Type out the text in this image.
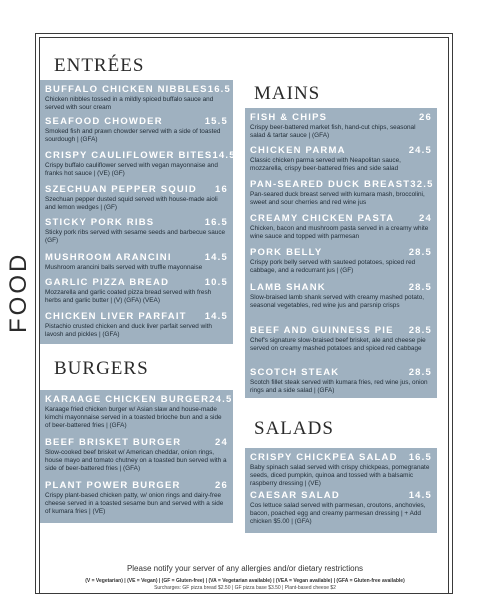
FOOD
ENTRÉES
BUFFALO CHICKEN NIBBLES 16.5
Chicken nibbles tossed in a mildly spiced buffalo sauce and served with sour cream
SEAFOOD CHOWDER	15.5
Smoked fish and prawn chowder served with a side of toasted sourdough | (GFA)
CRISPY CAULIFLOWER BITES 14.5
Crispy buffalo cauliflower served with vegan mayonnaise and franks hot sauce | (VE) (GF)
SZECHUAN PEPPER SQUID 16
Szechuan pepper dusted squid served with house-made aioli and lemon wedges | (GF)
STICKY PORK RIBS	16.5
Sticky pork ribs served with sesame seeds and barbecue sauce (GF)
MUSHROOM ARANCINI	14.5
Mushroom arancini balls served with truffle mayonnaise
GARLIC PIZZA BREAD	10.5
Mozzarella and garlic coated pizza bread served with fresh herbs and garlic butter | (V) (GFA) (VEA)
CHICKEN LIVER PARFAIT 14.5
Pistachio crusted chicken and duck liver parfait served with lavosh and pickles | (GFA)
BURGERS
KARAAGE CHICKEN BURGER 24.5
Karaage fried chicken burger w/ Asian slaw and house-made kimchi mayonnaise served in a toasted brioche bun and a side of beer-battered fries | (GFA)
BEEF BRISKET BURGER	24
Slow-cooked beef brisket w/ American cheddar, onion rings, house mayo and tomato chutney on a toasted bun served with a side of beer-battered fries | (GFA)
PLANT POWER BURGER	26
Crispy plant-based chicken patty, w/ onion rings and dairy-free cheese served in a toasted sesame bun and served with a side of kumara fries | (VE)
MAINS
FISH & CHIPS	26
Crispy beer-battered market fish, hand-cut chips, seasonal salad & tartar sauce | (GFA)
CHICKEN PARMA	24.5
Classic chicken parma served with Neapolitan sauce, mozzarella, crispy beer-battered fries and side salad
PAN-SEARED DUCK BREAST 32.5
Pan-seared duck breast served with kumara mash, broccolini, sweet and sour cherries and red wine jus
CREAMY CHICKEN PASTA	24
Chicken, bacon and mushroom pasta served in a creamy white wine sauce and topped with parmesan
PORK BELLY	28.5
Crispy pork belly served with sauteed potatoes, spiced red cabbage, and a redcurrant jus | (GF)
LAMB SHANK	28.5
Slow-braised lamb shank served with creamy mashed potato, seasonal vegetables, red wine jus and parsnip crisps
BEEF AND GUINNESS PIE 28.5
Chef's signature slow-braised beef brisket, ale and cheese pie served on creamy mashed potatoes and spiced red cabbage
SCOTCH STEAK	28.5
Scotch fillet steak served with kumara fries, red wine jus, onion rings and a side salad | (GFA)
SALADS
CRISPY CHICKPEA SALAD 16.5
Baby spinach salad served with crispy chickpeas, pomegranate seeds, diced pumpkin, quinoa and tossed with a balsamic raspberry dressing | (VE)
CAESAR SALAD	14.5
Cos lettuce salad served with parmesan, croutons, anchovies, bacon, poached egg and creamy parmesan dressing | + Add chicken $5.00 | (GFA)
Please notify your server of any allergies and/or dietary restrictions
(V = Vegetarian) | (VE = Vegan) | (GF = Gluten-free) | (VA = Vegetarian available) | (VEA = Vegan available) | (GFA = Gluten-free available)
Surcharges: GF pizza bread $2.50 | GF pizza base $3.50 | Plant-based cheese $2
